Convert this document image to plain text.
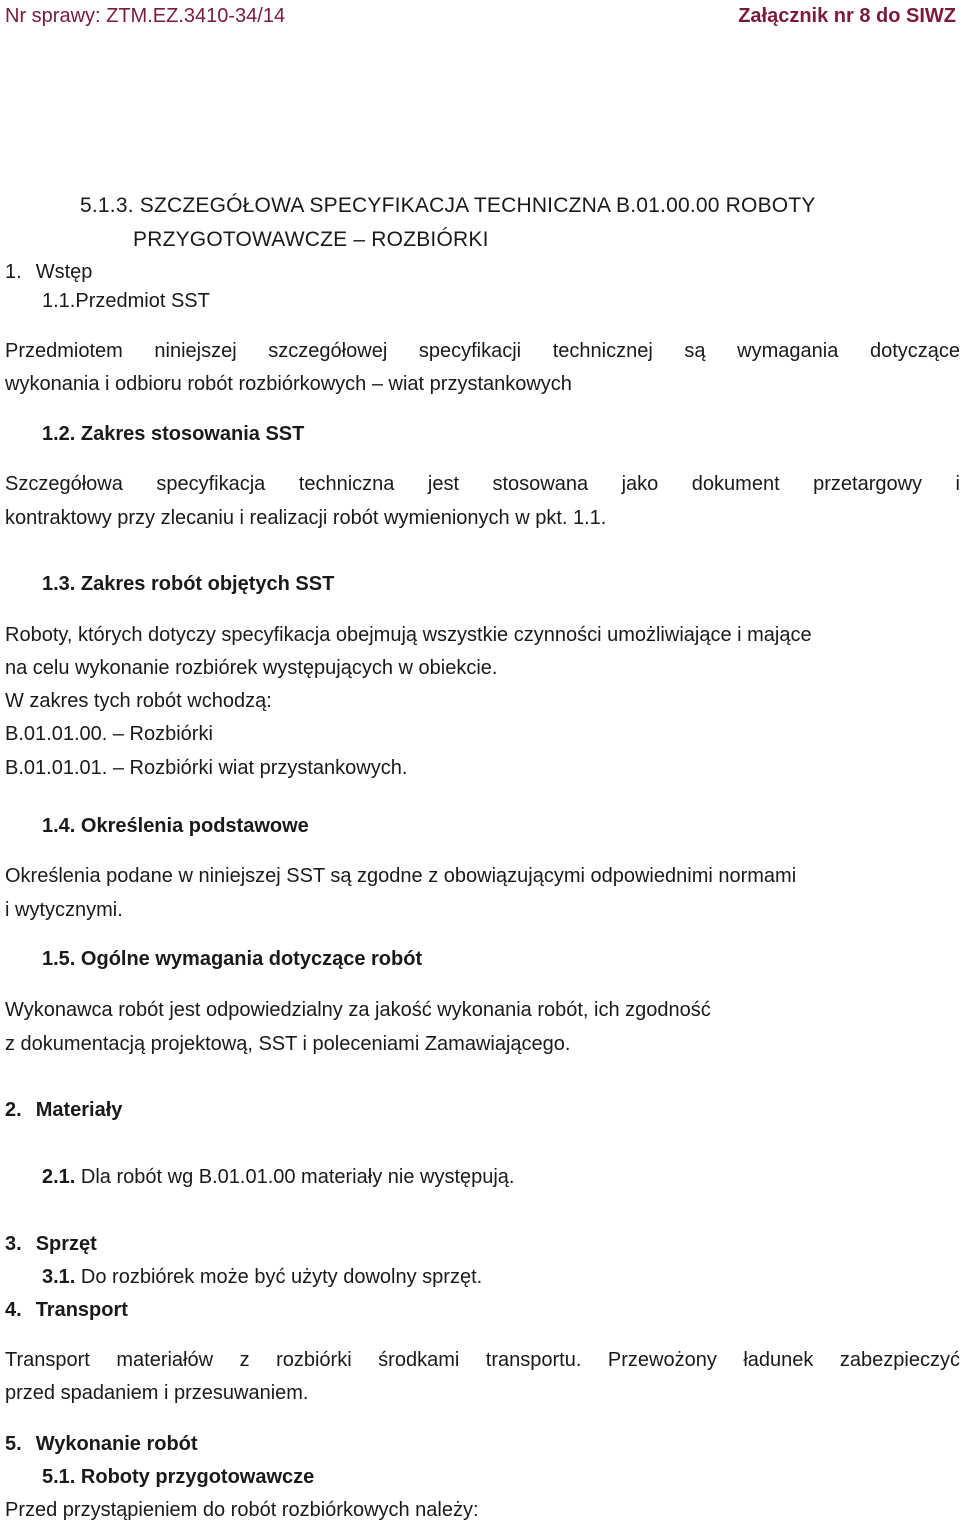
Nr sprawy: ZTM.EZ.3410-34/14	Załącznik nr 8 do SIWZ
5.1.3. SZCZEGÓŁOWA SPECYFIKACJA TECHNICZNA B.01.00.00 ROBOTY
PRZYGOTOWAWCZE – ROZBIÓRKI
1. Wstęp
1.1.Przedmiot SST
Przedmiotem niniejszej szczegółowej specyfikacji technicznej są wymagania dotyczące
wykonania i odbioru robót rozbiórkowych – wiat przystankowych
1.2. Zakres stosowania SST
Szczegółowa specyfikacja techniczna jest stosowana jako dokument przetargowy i
kontraktowy przy zlecaniu i realizacji robót wymienionych w pkt. 1.1.
1.3. Zakres robót objętych SST
Roboty, których dotyczy specyfikacja obejmują wszystkie czynności umożliwiające i mające
na celu wykonanie rozbiórek występujących w obiekcie.
W zakres tych robót wchodzą:
B.01.01.00. – Rozbiórki
B.01.01.01. – Rozbiórki wiat przystankowych.
1.4. Określenia podstawowe
Określenia podane w niniejszej SST są zgodne z obowiązującymi odpowiednimi normami
i wytycznymi.
1.5. Ogólne wymagania dotyczące robót
Wykonawca robót jest odpowiedzialny za jakość wykonania robót, ich zgodność
z dokumentacją projektową, SST i poleceniami Zamawiającego.
2. Materiały
2.1. Dla robót wg B.01.01.00 materiały nie występują.
3. Sprzęt
3.1. Do rozbiórek może być użyty dowolny sprzęt.
4. Transport
Transport materiałów z rozbiórki środkami transportu. Przewożony ładunek zabezpieczyć
przed spadaniem i przesuwaniem.
5. Wykonanie robót
5.1. Roboty przygotowawcze
Przed przystąpieniem do robót rozbiórkowych należy:
